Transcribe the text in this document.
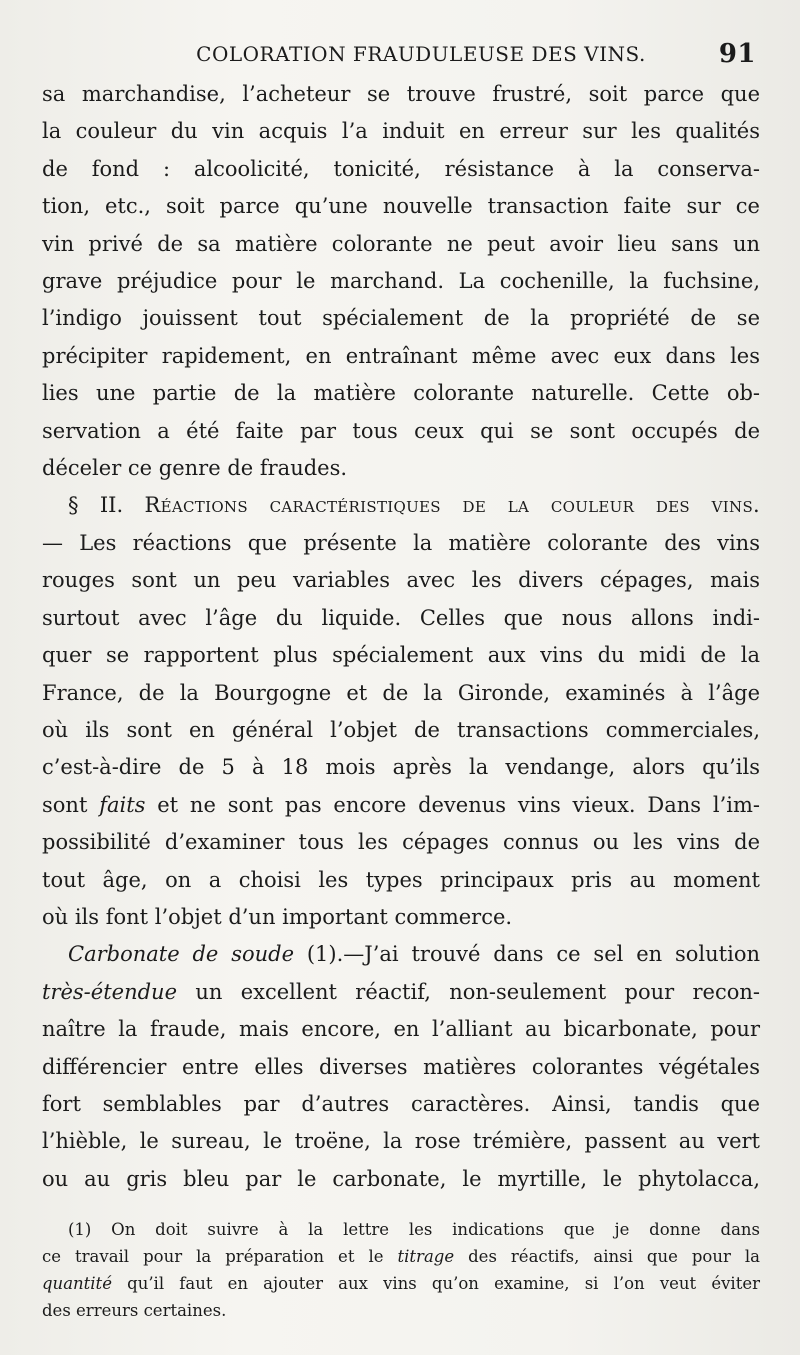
COLORATION FRAUDULEUSE DES VINS.	91
sa marchandise, l’acheteur se trouve frustré, soit parce que
la couleur du vin acquis l’a induit en erreur sur les qualités
de fond : alcoolicité, tonicité, résistance à la conserva-
tion, etc., soit parce qu’une nouvelle transaction faite sur ce
vin privé de sa matière colorante ne peut avoir lieu sans un
grave préjudice pour le marchand. La cochenille, la fuchsine,
l’indigo jouissent tout spécialement de la propriété de se
précipiter rapidement, en entraînant même avec eux dans les
lies une partie de la matière colorante naturelle. Cette ob-
servation a été faite par tous ceux qui se sont occupés de
déceler ce genre de fraudes.
§ II. Réactions caractéristiques de la couleur des vins.
— Les réactions que présente la matière colorante des vins
rouges sont un peu variables avec les divers cépages, mais
surtout avec l’âge du liquide. Celles que nous allons indi-
quer se rapportent plus spécialement aux vins du midi de la
France, de la Bourgogne et de la Gironde, examinés à l’âge
où ils sont en général l’objet de transactions commerciales,
c’est-à-dire de 5 à 18 mois après la vendange, alors qu’ils
sont faits et ne sont pas encore devenus vins vieux. Dans l’im-
possibilité d’examiner tous les cépages connus ou les vins de
tout âge, on a choisi les types principaux pris au moment
où ils font l’objet d’un important commerce.
Carbonate de soude (1).—J’ai trouvé dans ce sel en solution
très-étendue un excellent réactif, non-seulement pour recon-
naître la fraude, mais encore, en l’alliant au bicarbonate, pour
différencier entre elles diverses matières colorantes végétales
fort semblables par d’autres caractères. Ainsi, tandis que
l’hièble, le sureau, le troëne, la rose trémière, passent au vert
ou au gris bleu par le carbonate, le myrtille, le phytolacca,
(1) On doit suivre à la lettre les indications que je donne dans
ce travail pour la préparation et le titrage des réactifs, ainsi que pour la
quantité qu’il faut en ajouter aux vins qu’on examine, si l’on veut éviter
des erreurs certaines.
